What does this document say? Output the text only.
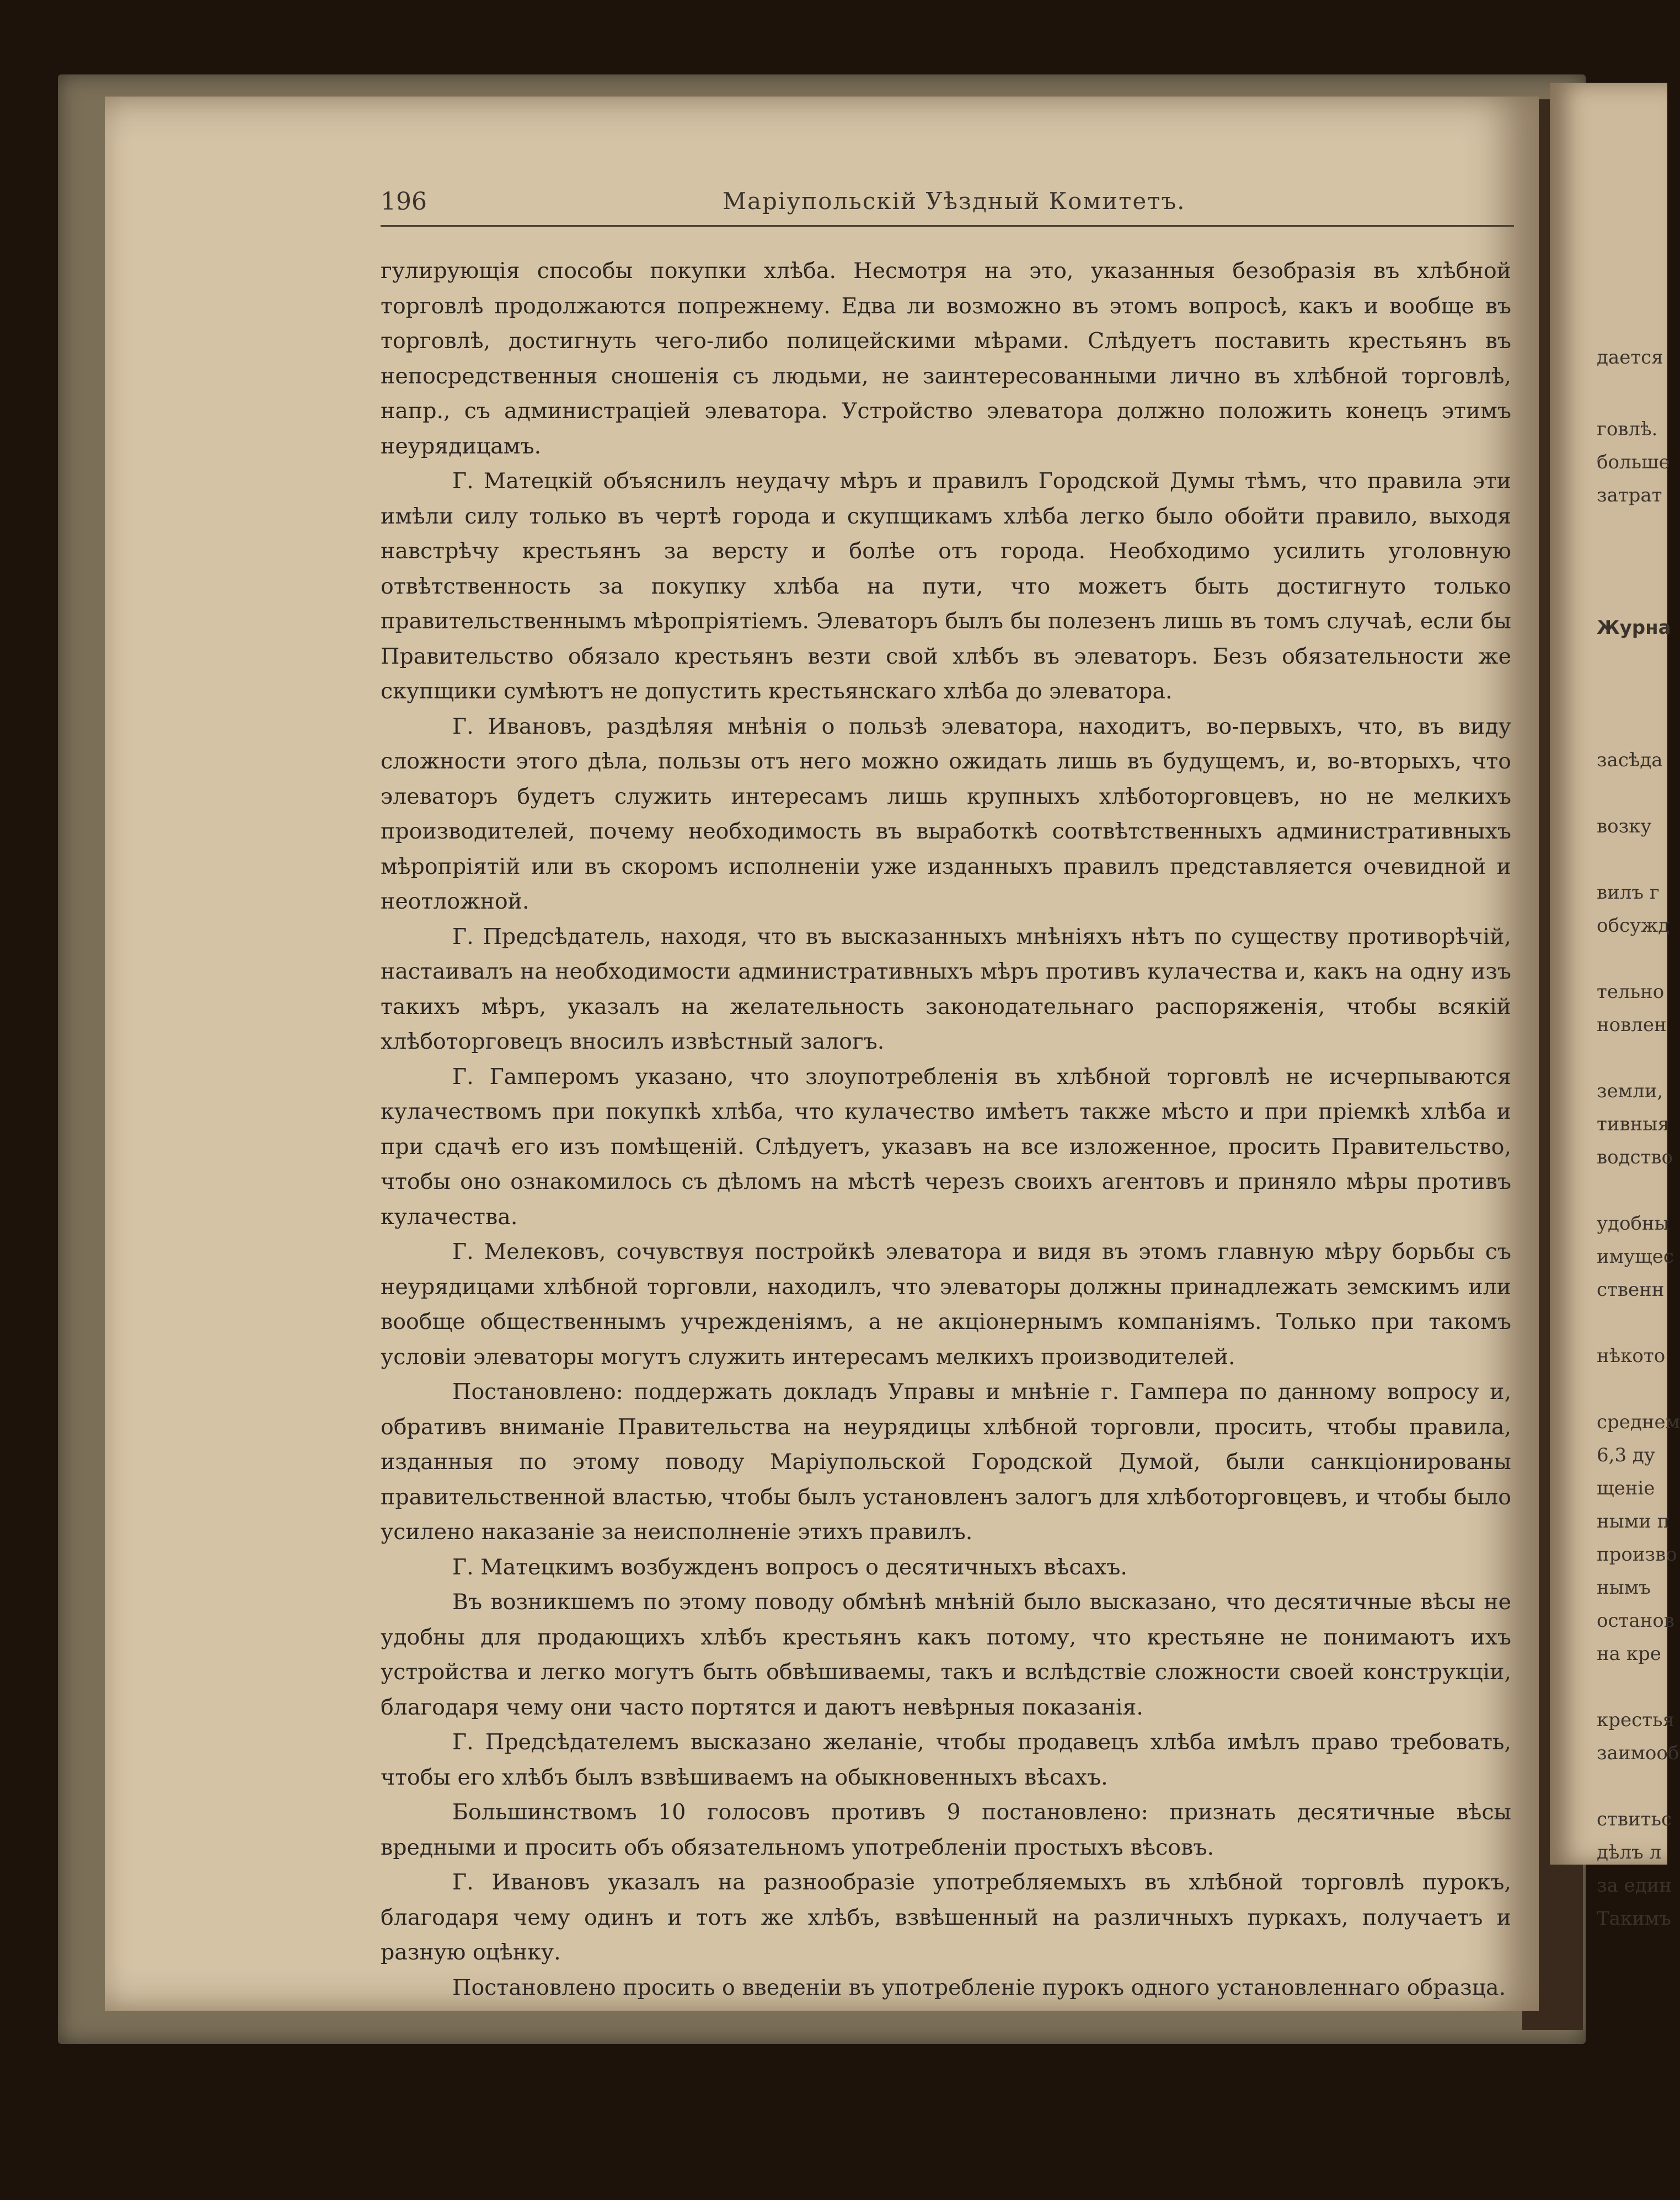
196	Маріупольскій Уѣздный Комитетъ.

гулирующія способы покупки хлѣба. Несмотря на это, указанныя безобразія въ хлѣбной торговлѣ продолжаются попрежнему. Едва ли возможно въ этомъ вопросѣ, какъ и вообще въ торговлѣ, достигнуть чего-либо полицейскими мѣрами. Слѣдуетъ поставить крестьянъ въ непосредственныя сношенія съ людьми, не заинтересованными лично въ хлѣбной торговлѣ, напр., съ администраціей элеватора. Устройство элеватора должно положить конецъ этимъ неурядицамъ.

Г. Матецкій объяснилъ неудачу мѣръ и правилъ Городской Думы тѣмъ, что правила эти имѣли силу только въ чертѣ города и скупщикамъ хлѣба легко было обойти правило, выходя навстрѣчу крестьянъ за версту и болѣе отъ города. Необходимо усилить уголовную отвѣтственность за покупку хлѣба на пути, что можетъ быть достигнуто только правительственнымъ мѣропріятіемъ. Элеваторъ былъ бы полезенъ лишь въ томъ случаѣ, если бы Правительство обязало крестьянъ везти свой хлѣбъ въ элеваторъ. Безъ обязательности же скупщики сумѣютъ не допустить крестьянскаго хлѣба до элеватора.

Г. Ивановъ, раздѣляя мнѣнія о пользѣ элеватора, находитъ, во-первыхъ, что, въ виду сложности этого дѣла, пользы отъ него можно ожидать лишь въ будущемъ, и, во-вторыхъ, что элеваторъ будетъ служить интересамъ лишь крупныхъ хлѣботорговцевъ, но не мелкихъ производителей, почему необходимость въ выработкѣ соотвѣтственныхъ административныхъ мѣропріятій или въ скоромъ исполненіи уже изданныхъ правилъ представляется очевидной и неотложной.

Г. Предсѣдатель, находя, что въ высказанныхъ мнѣніяхъ нѣтъ по существу противорѣчій, настаивалъ на необходимости административныхъ мѣръ противъ кулачества и, какъ на одну изъ такихъ мѣръ, указалъ на желательность законодательнаго распоряженія, чтобы всякій хлѣботорговецъ вносилъ извѣстный залогъ.

Г. Гамперомъ указано, что злоупотребленія въ хлѣбной торговлѣ не исчерпываются кулачествомъ при покупкѣ хлѣба, что кулачество имѣетъ также мѣсто и при пріемкѣ хлѣба и при сдачѣ его изъ помѣщеній. Слѣдуетъ, указавъ на все изложенное, просить Правительство, чтобы оно ознакомилось съ дѣломъ на мѣстѣ черезъ своихъ агентовъ и приняло мѣры противъ кулачества.

Г. Мелековъ, сочувствуя постройкѣ элеватора и видя въ этомъ главную мѣру борьбы съ неурядицами хлѣбной торговли, находилъ, что элеваторы должны принадлежать земскимъ или вообще общественнымъ учрежденіямъ, а не акціонернымъ компаніямъ. Только при такомъ условіи элеваторы могутъ служить интересамъ мелкихъ производителей.

Постановлено: поддержать докладъ Управы и мнѣніе г. Гампера по данному вопросу и, обративъ вниманіе Правительства на неурядицы хлѣбной торговли, просить, чтобы правила, изданныя по этому поводу Маріупольской Городской Думой, были санкціонированы правительственной властью, чтобы былъ установленъ залогъ для хлѣботорговцевъ, и чтобы было усилено наказаніе за неисполненіе этихъ правилъ.

Г. Матецкимъ возбужденъ вопросъ о десятичныхъ вѣсахъ.

Въ возникшемъ по этому поводу обмѣнѣ мнѣній было высказано, что десятичные вѣсы не удобны для продающихъ хлѣбъ крестьянъ какъ потому, что крестьяне не понимаютъ ихъ устройства и легко могутъ быть обвѣшиваемы, такъ и вслѣдствіе сложности своей конструкціи, благодаря чему они часто портятся и даютъ невѣрныя показанія.

Г. Предсѣдателемъ высказано желаніе, чтобы продавецъ хлѣба имѣлъ право требовать, чтобы его хлѣбъ былъ взвѣшиваемъ на обыкновенныхъ вѣсахъ.

Большинствомъ 10 голосовъ противъ 9 постановлено: признать десятичные вѣсы вредными и просить объ обязательномъ употребленіи простыхъ вѣсовъ.

Г. Ивановъ указалъ на разнообразіе употребляемыхъ въ хлѣбной торговлѣ пурокъ, благодаря чему одинъ и тотъ же хлѣбъ, взвѣшенный на различныхъ пуркахъ, получаетъ и разную оцѣнку.

Постановлено просить о введеніи въ употребленіе пурокъ одного установленнаго образца.

дается
говлѣ.
больше
затрат
Журна
засѣда
возку
вилъ г
обсужд
тельно
новлен
земли,
тивныя
водство
удобны
имущес
ственн
нѣкото
среднем
6,3 ду
щеніе
ными п
произво
нымъ
останов
на кре
крестья
заимооб
ствитьс
дѣлъ л
за един
Такимъ
